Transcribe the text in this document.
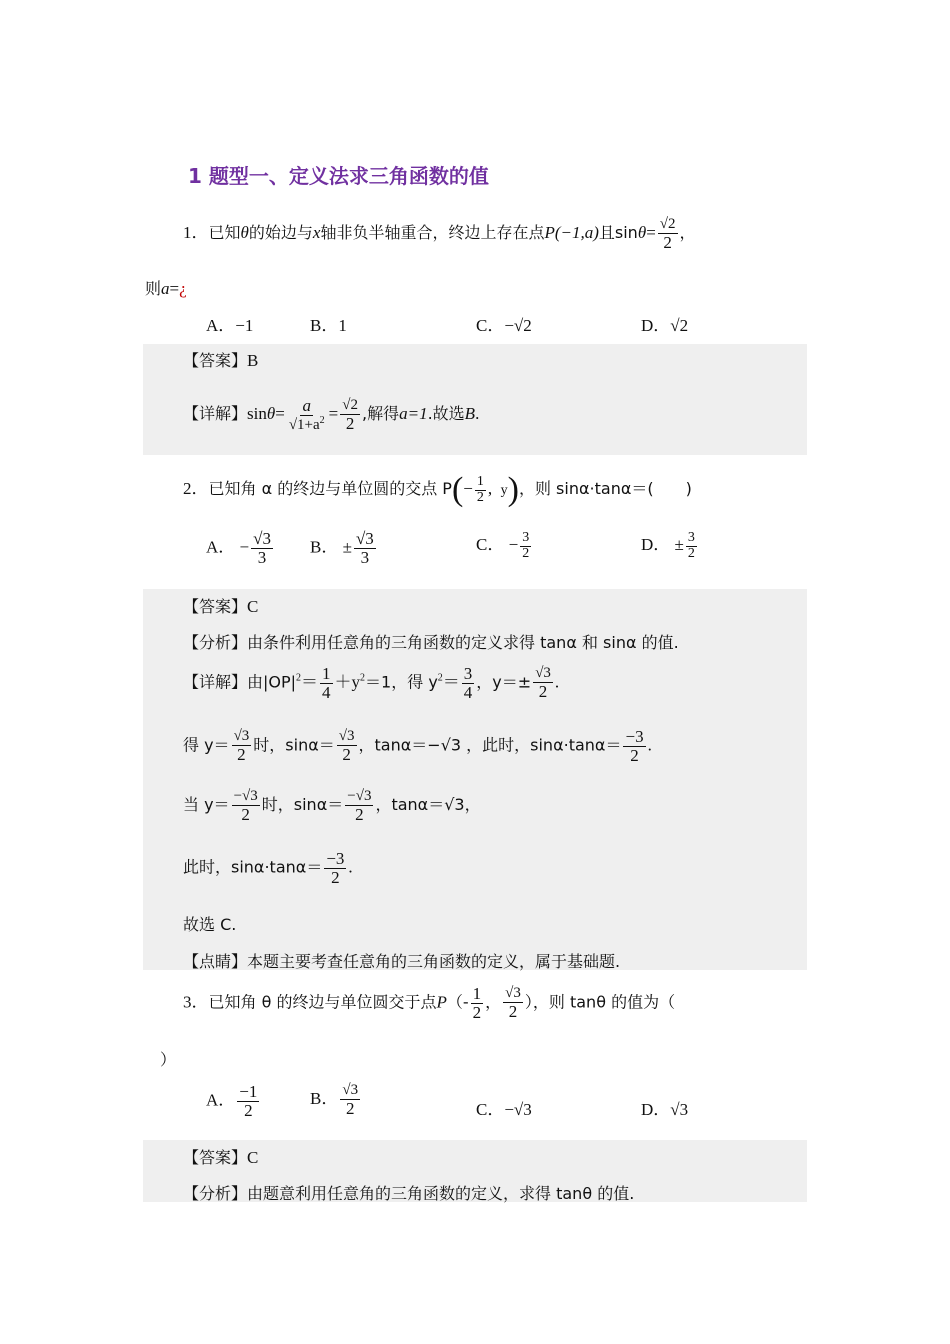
1 题型一、定义法求三角函数的值
1．已知θ的始边与x轴非负半轴重合，终边上存在点P(−1,a)且$\sin\theta= \frac{√2}{2}$ ，
则a=¿
A．−1	B．1	C．−√2	D．√2
【答案】B
【详解】$\sin\theta= \frac{a}{√1+a^2} = \frac{√2}{2}$ ,解得a=1.故选B.
2．已知角 α 的终边与单位圆的交点 $P(- \frac{1}{2}$ ,  y)，则 sinα·tanα＝(　　)
A． − $\frac{√3}{3}$ B． ± $\frac{√3}{3}$	C． − $\frac{3}{2}$	D． ± $\frac{3}{2}$
【答案】C
【分析】由条件利用任意角的三角函数的定义求得 tanα 和 sinα 的值.
【详解】由$|OP|^2= \frac{1}{4} +y^2=1$，得 $y^2= \frac{3}{4}$ ，$y=\pm \frac{√3}{2}$ .
得 $y= \frac{√3}{2}$ 时，$\sin\alpha= \frac{√3}{2}$ ，tanα＝−√3 ，此时，$\sin\alpha\cdot\tan\alpha= \frac{-3}{2}$ .
当 $y= \frac{-√3}{2}$ 时，$\sin\alpha= \frac{-√3}{2}$ ，tanα＝√3，
此时，$\sin\alpha\cdot\tan\alpha= \frac{-3}{2}$ .
故选 C.
【点睛】本题主要考查任意角的三角函数的定义，属于基础题.
3．已知角 θ 的终边与单位圆交于点$P(- \frac{1}{2}$ ， $\frac{√3}{2}$ ），则 tanθ 的值为（
）
A． $\frac{-1}{2}$	B． $\frac{√3}{2}$	C．−√3	D．√3
【答案】C
【分析】由题意利用任意角的三角函数的定义，求得 tanθ 的值.
